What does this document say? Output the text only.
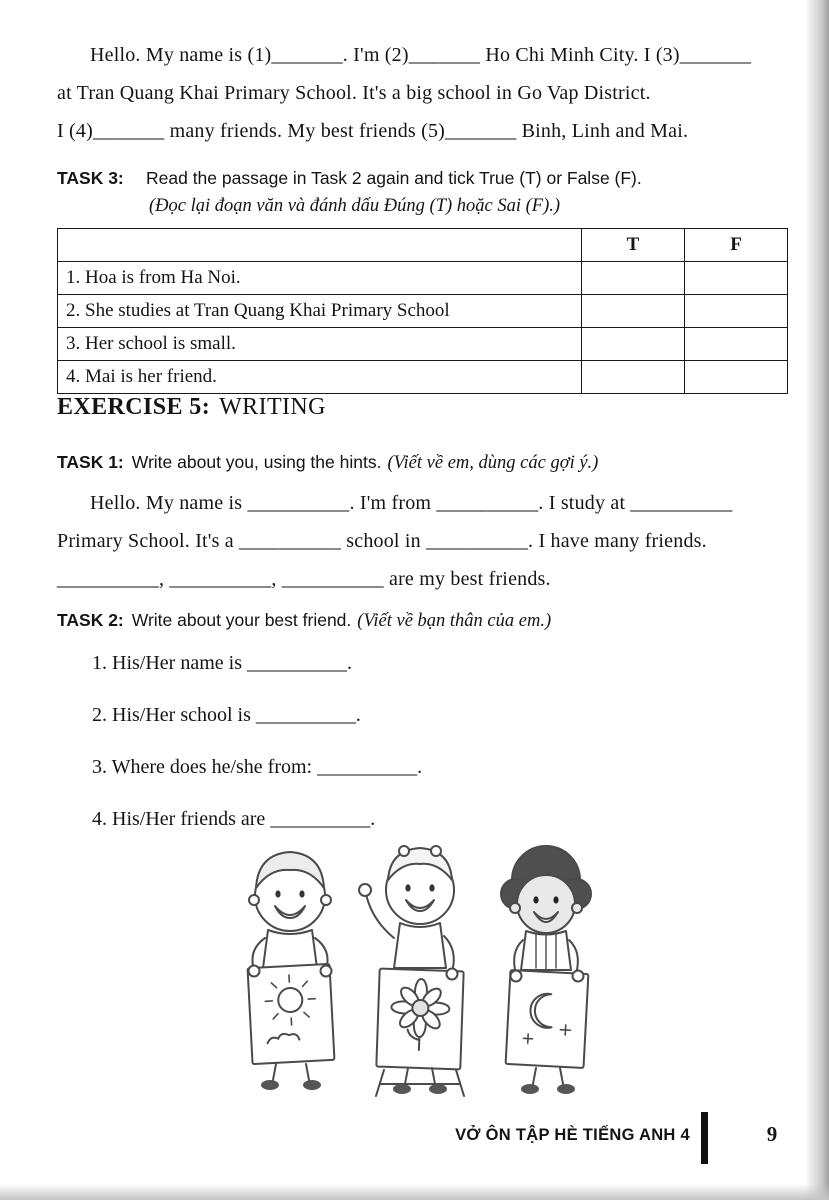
Hello. My name is (1)_______. I'm (2)_______ Ho Chi Minh City. I (3)_______
at Tran Quang Khai Primary School. It's a big school in Go Vap District.
I (4)_______ many friends. My best friends (5)_______ Binh, Linh and Mai.
TASK 3: Read the passage in Task 2 again and tick True (T) or False (F).
(Đọc lại đoạn văn và đánh dấu Đúng (T) hoặc Sai (F).)
	T	F
1. Hoa is from Ha Noi.		
2. She studies at Tran Quang Khai Primary School		
3. Her school is small.		
4. Mai is her friend.		
EXERCISE 5: WRITING
TASK 1: Write about you, using the hints. (Viết về em, dùng các gợi ý.)
Hello. My name is __________. I'm from __________. I study at __________
Primary School. It's a __________ school in __________. I have many friends.
__________, __________, __________ are my best friends.
TASK 2: Write about your best friend. (Viết về bạn thân của em.)
1. His/Her name is __________.
2. His/Her school is __________.
3. Where does he/she from: __________.
4. His/Her friends are __________.
VỞ ÔN TẬP HÈ TIẾNG ANH 4	9
